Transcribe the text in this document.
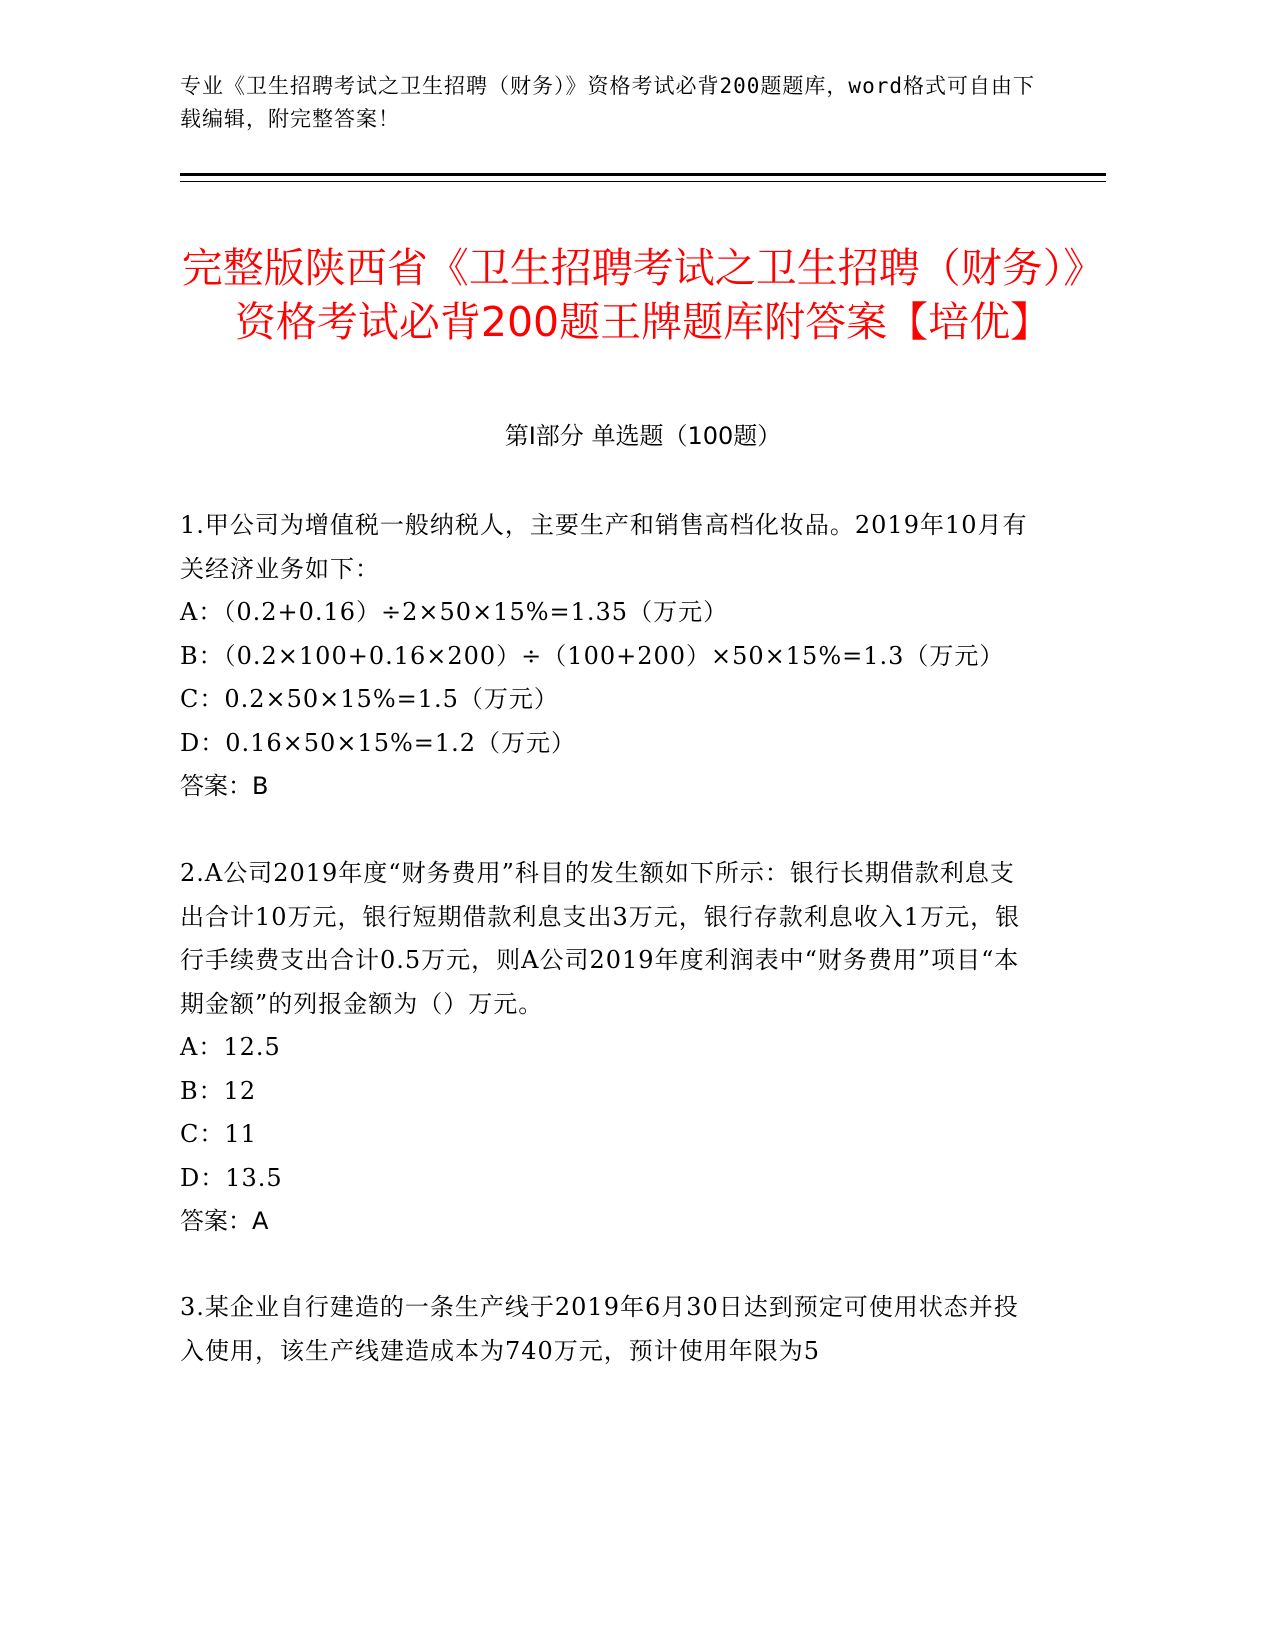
专业《卫生招聘考试之卫生招聘（财务）》资格考试必背200题题库，word格式可自由下载编辑，附完整答案！
完整版陕西省《卫生招聘考试之卫生招聘（财务）》资格考试必背200题王牌题库附答案【培优】
第I部分 单选题（100题）
1.甲公司为增值税一般纳税人，主要生产和销售高档化妆品。2019年10月有关经济业务如下：
A：（0.2+0.16）÷2×50×15%=1.35（万元）
B：（0.2×100+0.16×200）÷（100+200）×50×15%=1.3（万元）
C：0.2×50×15%=1.5（万元）
D：0.16×50×15%=1.2（万元）
答案：B
2.A公司2019年度“财务费用”科目的发生额如下所示：银行长期借款利息支出合计10万元，银行短期借款利息支出3万元，银行存款利息收入1万元，银行手续费支出合计0.5万元，则A公司2019年度利润表中“财务费用”项目“本期金额”的列报金额为（）万元。
A：12.5
B：12
C：11
D：13.5
答案：A
3.某企业自行建造的一条生产线于2019年6月30日达到预定可使用状态并投入使用，该生产线建造成本为740万元，预计使用年限为5
